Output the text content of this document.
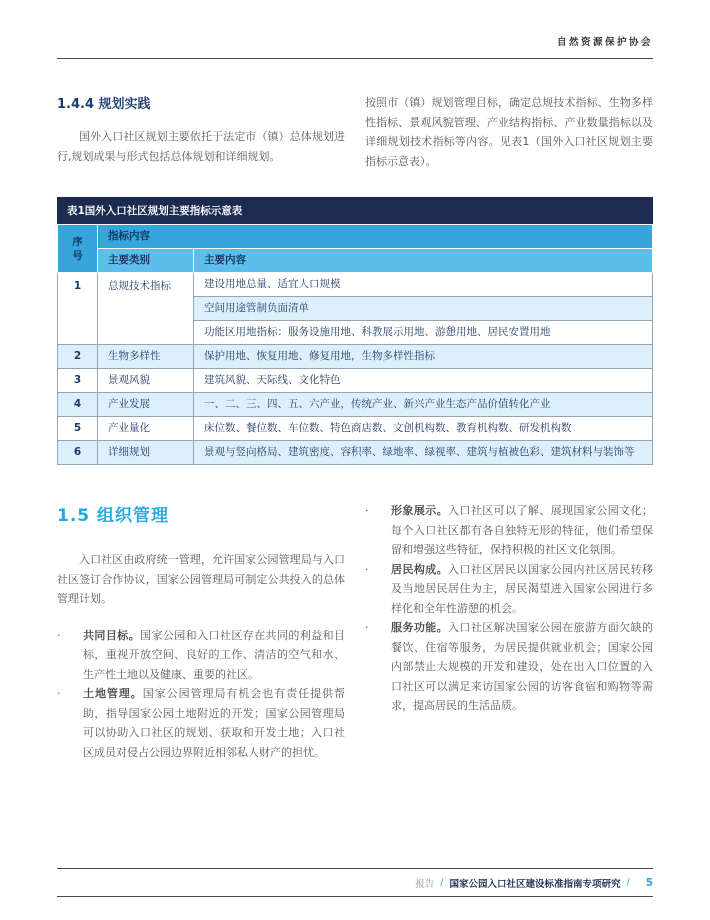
自然资源保护协会
1.4.4 规划实践

国外入口社区规划主要依托于法定市（镇）总体规划进行,规划成果与形式包括总体规划和详细规划。

按照市（镇）规划管理目标，确定总规技术指标、生物多样性指标、景观风貌管理、产业结构指标、产业数量指标以及详细规划技术指标等内容。见表1（国外入口社区规划主要指标示意表）。

表1国外入口社区规划主要指标示意表
序号	指标内容	
	主要类别	主要内容
1	总规技术指标	建设用地总量、适宜人口规模
		空间用途管制负面清单
		功能区用地指标：服务设施用地、科教展示用地、游憩用地、居民安置用地
2	生物多样性	保护用地、恢复用地、修复用地，生物多样性指标
3	景观风貌	建筑风貌、天际线、文化特色
4	产业发展	一、二、三、四、五、六产业，传统产业、新兴产业生态产品价值转化产业
5	产业量化	床位数、餐位数、车位数、特色商店数、文创机构数、教育机构数、研发机构数
6	详细规划	景观与竖向格局、建筑密度、容积率、绿地率、绿视率、建筑与植被色彩、建筑材料与装饰等
1.5 组织管理

入口社区由政府统一管理，允许国家公园管理局与入口社区签订合作协议，国家公园管理局可制定公共投入的总体管理计划。

·	共同目标。国家公园和入口社区存在共同的利益和目标，重视开放空间、良好的工作、清洁的空气和水、生产性土地以及健康、重要的社区。
·	土地管理。国家公园管理局有机会也有责任提供帮助，指导国家公园土地附近的开发；国家公园管理局可以协助入口社区的规划、获取和开发土地；入口社区成员对侵占公园边界附近相邻私人财产的担忧。
·	形象展示。入口社区可以了解、展现国家公园文化；每个入口社区都有各自独特无形的特征，他们希望保留和增强这些特征，保持积极的社区文化氛围。
·	居民构成。入口社区居民以国家公园内社区居民转移及当地居民居住为主，居民渴望进入国家公园进行多样化和全年性游憩的机会。
·	服务功能。入口社区解决国家公园在旅游方面欠缺的餐饮、住宿等服务，为居民提供就业机会；国家公园内部禁止大规模的开发和建设，处在出入口位置的入口社区可以满足来访国家公园的访客食宿和购物等需求，提高居民的生活品质。
报告 / 国家公园入口社区建设标准指南专项研究 / 5
